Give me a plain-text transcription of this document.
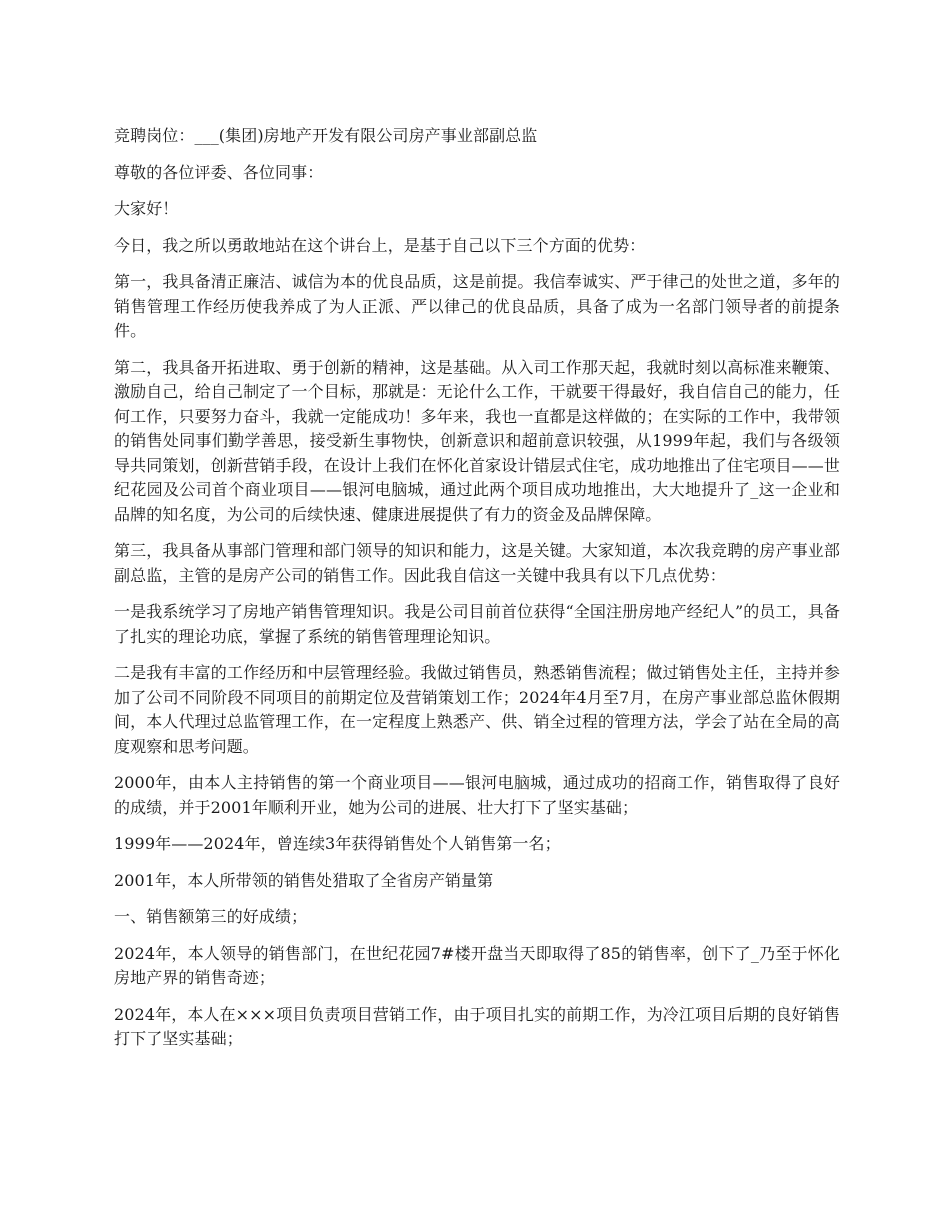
竞聘岗位：___(集团)房地产开发有限公司房产事业部副总监

尊敬的各位评委、各位同事：

大家好！

今日，我之所以勇敢地站在这个讲台上，是基于自己以下三个方面的优势：

第一，我具备清正廉洁、诚信为本的优良品质，这是前提。我信奉诚实、严于律己的处世之道，多年的销售管理工作经历使我养成了为人正派、严以律己的优良品质，具备了成为一名部门领导者的前提条件。

第二，我具备开拓进取、勇于创新的精神，这是基础。从入司工作那天起，我就时刻以高标准来鞭策、激励自己，给自己制定了一个目标，那就是：无论什么工作，干就要干得最好，我自信自己的能力，任何工作，只要努力奋斗，我就一定能成功！多年来，我也一直都是这样做的；在实际的工作中，我带领的销售处同事们勤学善思，接受新生事物快，创新意识和超前意识较强，从1999年起，我们与各级领导共同策划，创新营销手段，在设计上我们在怀化首家设计错层式住宅，成功地推出了住宅项目——世纪花园及公司首个商业项目——银河电脑城，通过此两个项目成功地推出，大大地提升了_这一企业和品牌的知名度，为公司的后续快速、健康进展提供了有力的资金及品牌保障。

第三，我具备从事部门管理和部门领导的知识和能力，这是关键。大家知道，本次我竞聘的房产事业部副总监，主管的是房产公司的销售工作。因此我自信这一关键中我具有以下几点优势：

一是我系统学习了房地产销售管理知识。我是公司目前首位获得“全国注册房地产经纪人”的员工，具备了扎实的理论功底，掌握了系统的销售管理理论知识。

二是我有丰富的工作经历和中层管理经验。我做过销售员，熟悉销售流程；做过销售处主任，主持并参加了公司不同阶段不同项目的前期定位及营销策划工作；2024年4月至7月，在房产事业部总监休假期间，本人代理过总监管理工作，在一定程度上熟悉产、供、销全过程的管理方法，学会了站在全局的高度观察和思考问题。

2000年，由本人主持销售的第一个商业项目——银河电脑城，通过成功的招商工作，销售取得了良好的成绩，并于2001年顺利开业，她为公司的进展、壮大打下了坚实基础；

1999年——2024年，曾连续3年获得销售处个人销售第一名；

2001年，本人所带领的销售处猎取了全省房产销量第

一、销售额第三的好成绩；

2024年，本人领导的销售部门，在世纪花园7#楼开盘当天即取得了85的销售率，创下了_乃至于怀化房地产界的销售奇迹；

2024年，本人在×××项目负责项目营销工作，由于项目扎实的前期工作，为冷江项目后期的良好销售打下了坚实基础；
